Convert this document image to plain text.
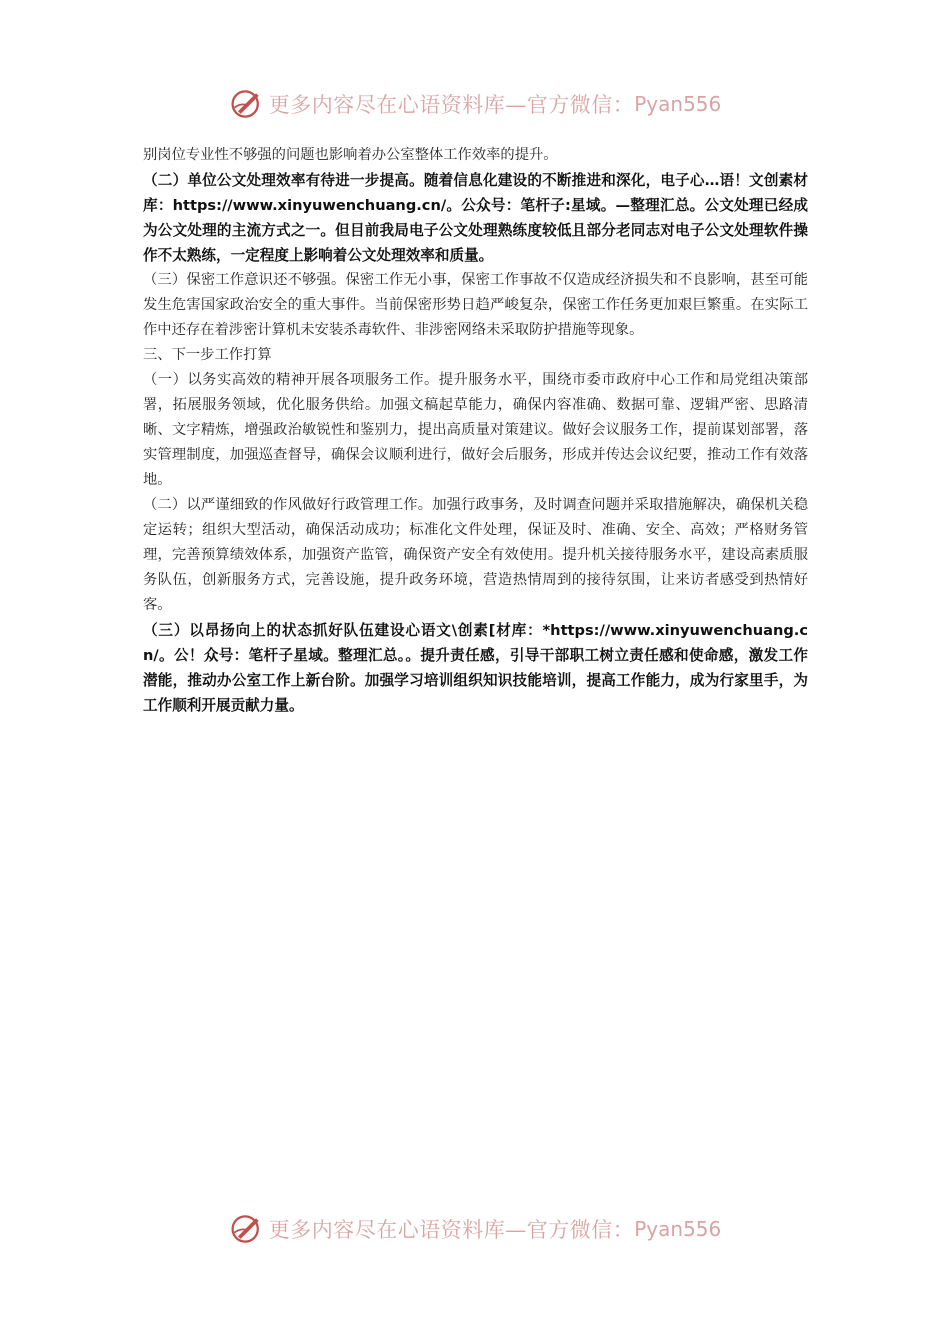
更多内容尽在心语资料库—官方微信： Pyan556

别岗位专业性不够强的问题也影响着办公室整体工作效率的提升。

（二）单位公文处理效率有待进一步提高。随着信息化建设的不断推进和深化，电子心…语！文创素材库：https://www.xinyuwenchuang.cn/。公众号：笔杆子:星域。—整理汇总。公文处理已经成为公文处理的主流方式之一。但目前我局电子公文处理熟练度较低且部分老同志对电子公文处理软件操作不太熟练，一定程度上影响着公文处理效率和质量。

（三）保密工作意识还不够强。保密工作无小事，保密工作事故不仅造成经济损失和不良影响，甚至可能发生危害国家政治安全的重大事件。当前保密形势日趋严峻复杂，保密工作任务更加艰巨繁重。在实际工作中还存在着涉密计算机未安装杀毒软件、非涉密网络未采取防护措施等现象。

三、下一步工作打算

（一）以务实高效的精神开展各项服务工作。提升服务水平，围绕市委市政府中心工作和局党组决策部署，拓展服务领域，优化服务供给。加强文稿起草能力，确保内容准确、数据可靠、逻辑严密、思路清晰、文字精炼，增强政治敏锐性和鉴别力，提出高质量对策建议。做好会议服务工作，提前谋划部署，落实管理制度，加强巡查督导，确保会议顺利进行，做好会后服务，形成并传达会议纪要，推动工作有效落地。

（二）以严谨细致的作风做好行政管理工作。加强行政事务，及时调查问题并采取措施解决，确保机关稳定运转；组织大型活动，确保活动成功；标准化文件处理，保证及时、准确、安全、高效；严格财务管理，完善预算绩效体系，加强资产监管，确保资产安全有效使用。提升机关接待服务水平，建设高素质服务队伍，创新服务方式，完善设施，提升政务环境，营造热情周到的接待氛围，让来访者感受到热情好客。

（三）以昂扬向上的状态抓好队伍建设心语文\创素[材库：*https://www.xinyuwenchuang.cn/。公！众号：笔杆子星域。整理汇总。。提升责任感，引导干部职工树立责任感和使命感，激发工作潜能，推动办公室工作上新台阶。加强学习培训组织知识技能培训，提高工作能力，成为行家里手，为工作顺利开展贡献力量。

更多内容尽在心语资料库—官方微信： Pyan556
